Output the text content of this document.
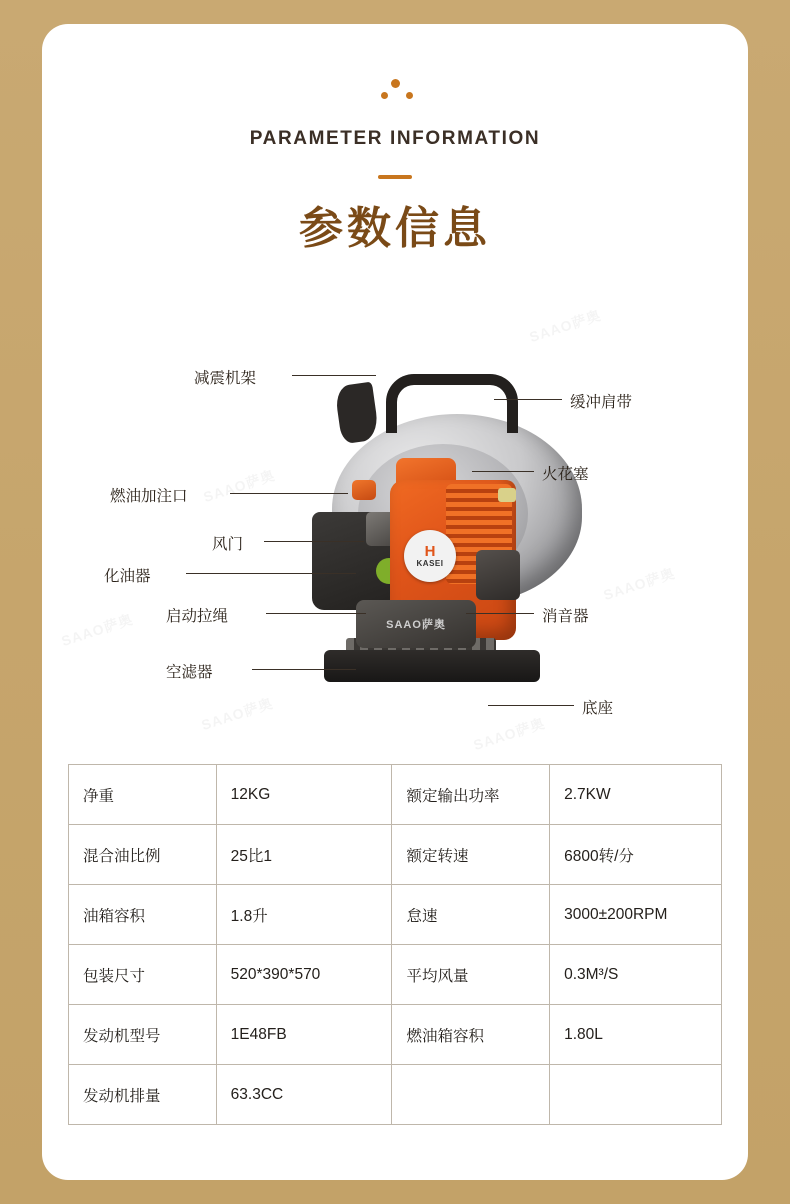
PARAMETER INFORMATION
参数信息
H
KASEI
SAAO萨奥
减震机架
燃油加注口
风门
化油器
启动拉绳
空滤器
缓冲肩带
火花塞
消音器
底座
净重	12KG	额定输出功率	2.7KW
混合油比例	25比1	额定转速	6800转/分
油箱容积	1.8升	怠速	3000±200RPM
包装尺寸	520*390*570	平均风量	0.3M³/S
发动机型号	1E48FB	燃油箱容积	1.80L
发动机排量	63.3CC		
